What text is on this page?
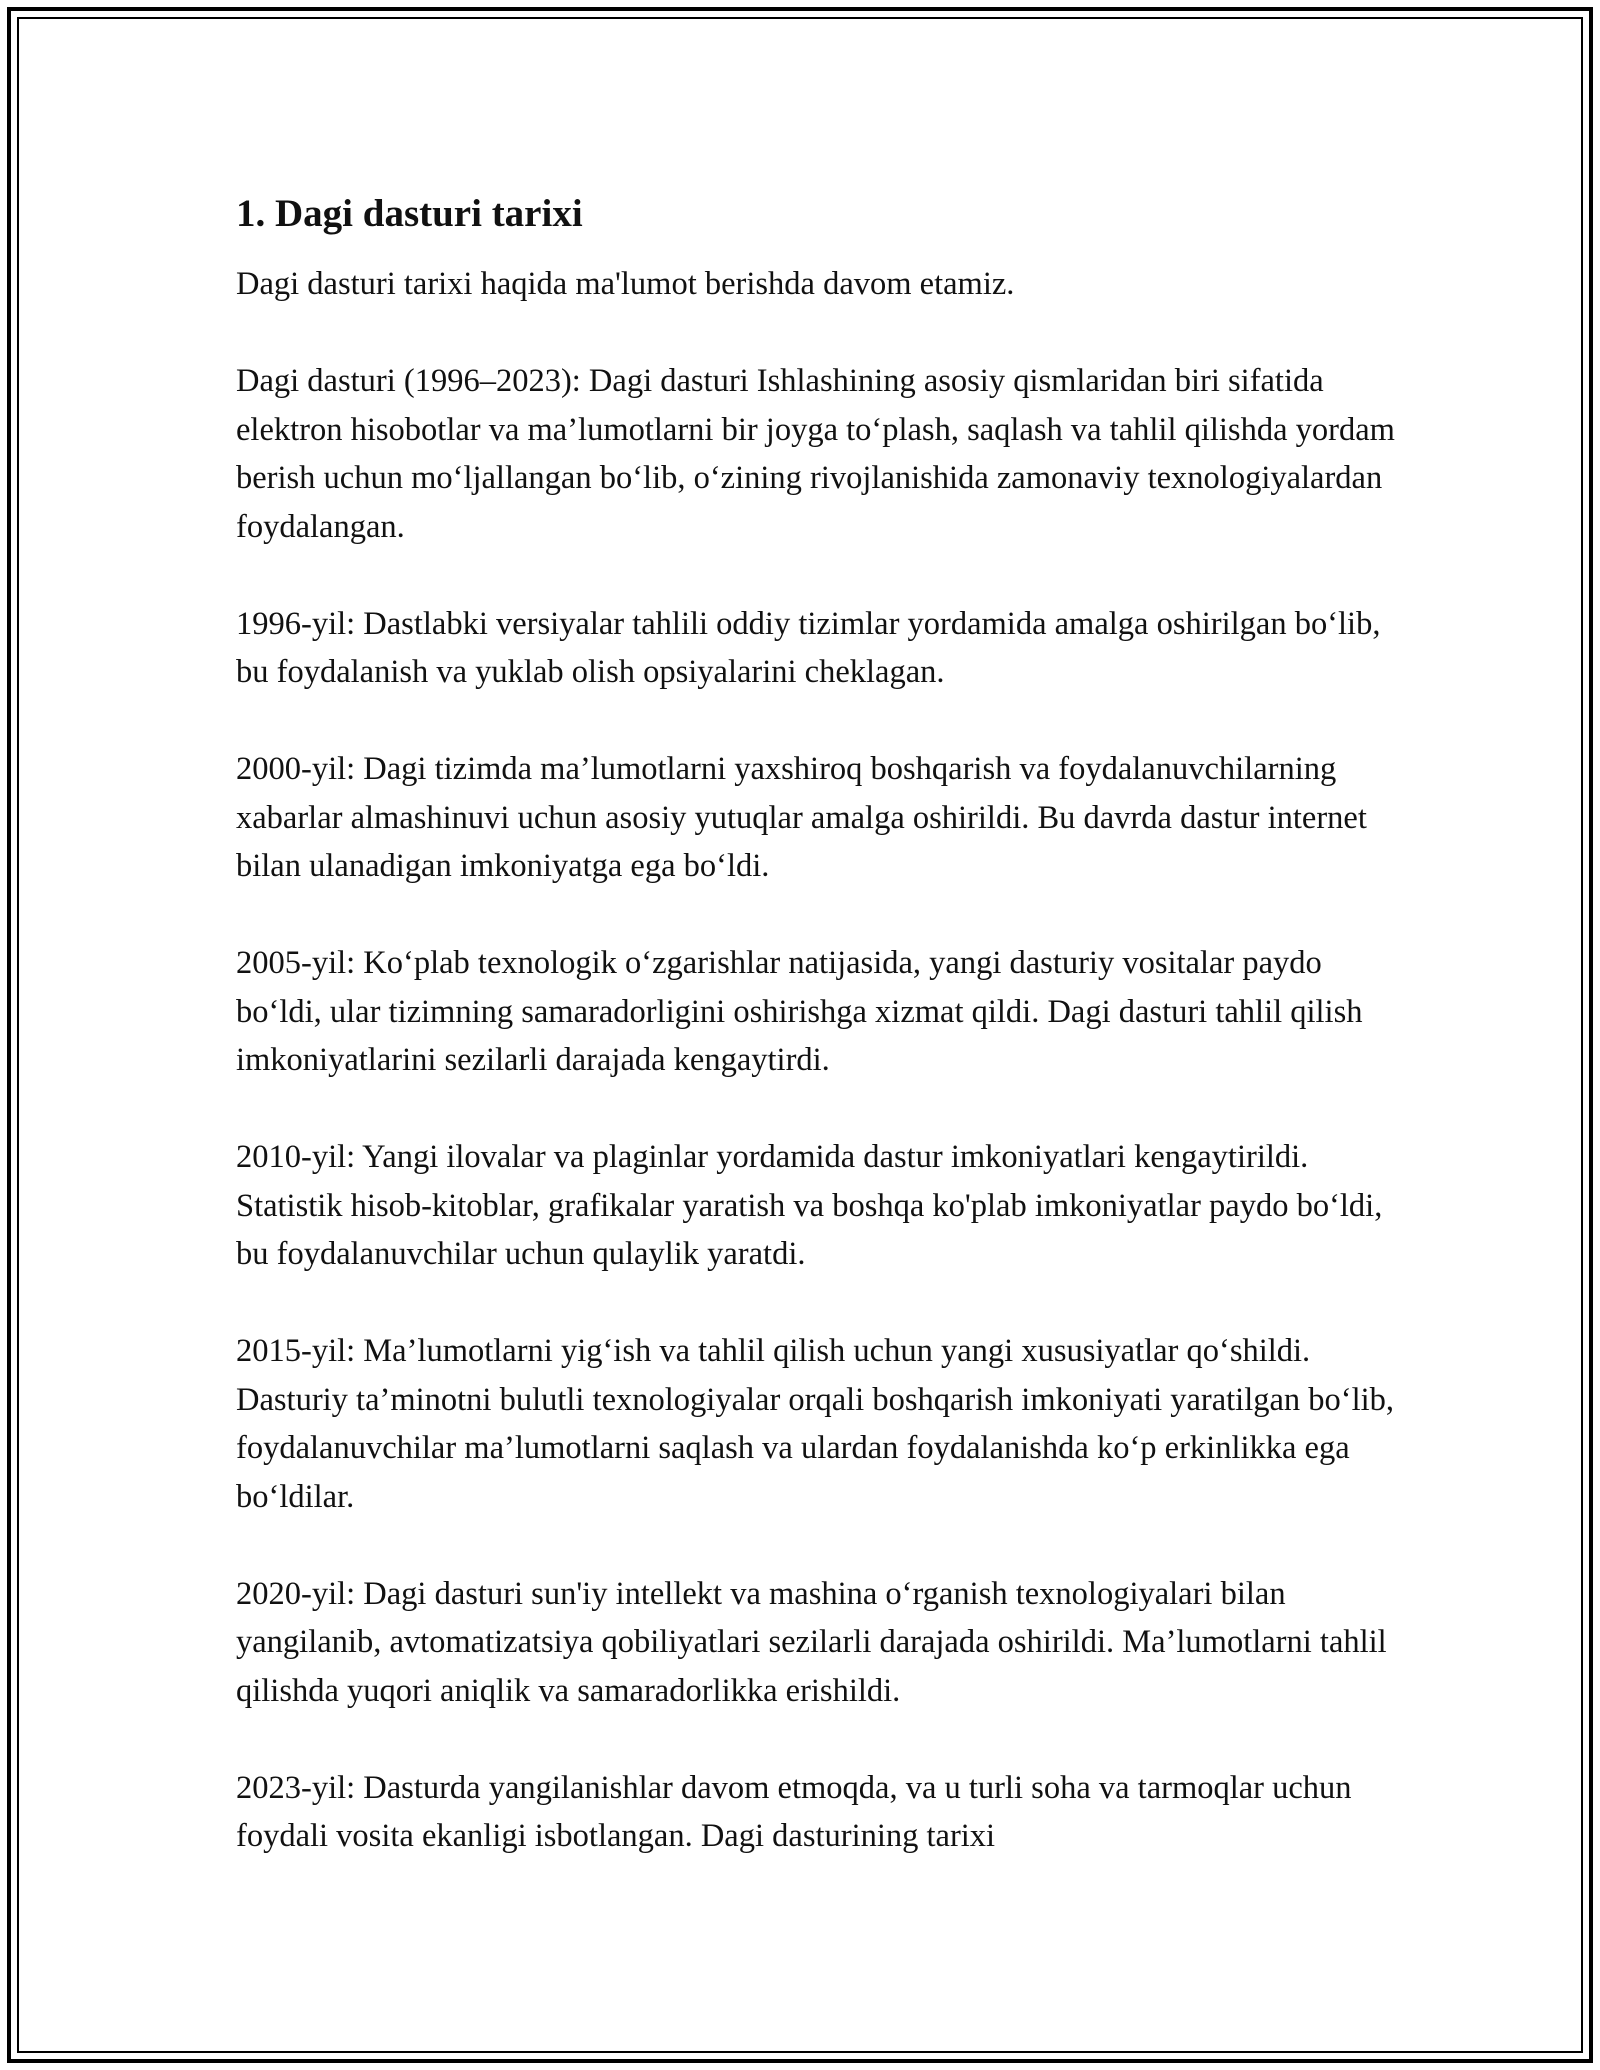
1. Dagi dasturi tarixi

Dagi dasturi tarixi haqida ma'lumot berishda davom etamiz.

Dagi dasturi (1996–2023): Dagi dasturi Ishlashining asosiy qismlaridan biri sifatida elektron hisobotlar va ma’lumotlarni bir joyga to‘plash, saqlash va tahlil qilishda yordam berish uchun mo‘ljallangan bo‘lib, o‘zining rivojlanishida zamonaviy texnologiyalardan foydalangan.

1996-yil: Dastlabki versiyalar tahlili oddiy tizimlar yordamida amalga oshirilgan bo‘lib, bu foydalanish va yuklab olish opsiyalarini cheklagan.

2000-yil: Dagi tizimda ma’lumotlarni yaxshiroq boshqarish va foydalanuvchilarning xabarlar almashinuvi uchun asosiy yutuqlar amalga oshirildi. Bu davrda dastur internet bilan ulanadigan imkoniyatga ega bo‘ldi.

2005-yil: Ko‘plab texnologik o‘zgarishlar natijasida, yangi dasturiy vositalar paydo bo‘ldi, ular tizimning samaradorligini oshirishga xizmat qildi. Dagi dasturi tahlil qilish imkoniyatlarini sezilarli darajada kengaytirdi.

2010-yil: Yangi ilovalar va plaginlar yordamida dastur imkoniyatlari kengaytirildi. Statistik hisob-kitoblar, grafikalar yaratish va boshqa ko'plab imkoniyatlar paydo bo‘ldi, bu foydalanuvchilar uchun qulaylik yaratdi.

2015-yil: Ma’lumotlarni yig‘ish va tahlil qilish uchun yangi xususiyatlar qo‘shildi. Dasturiy ta’minotni bulutli texnologiyalar orqali boshqarish imkoniyati yaratilgan bo‘lib, foydalanuvchilar ma’lumotlarni saqlash va ulardan foydalanishda ko‘p erkinlikka ega bo‘ldilar.

2020-yil: Dagi dasturi sun'iy intellekt va mashina o‘rganish texnologiyalari bilan yangilanib, avtomatizatsiya qobiliyatlari sezilarli darajada oshirildi. Ma’lumotlarni tahlil qilishda yuqori aniqlik va samaradorlikka erishildi.

2023-yil: Dasturda yangilanishlar davom etmoqda, va u turli soha va tarmoqlar uchun foydali vosita ekanligi isbotlangan. Dagi dasturining tarixi
